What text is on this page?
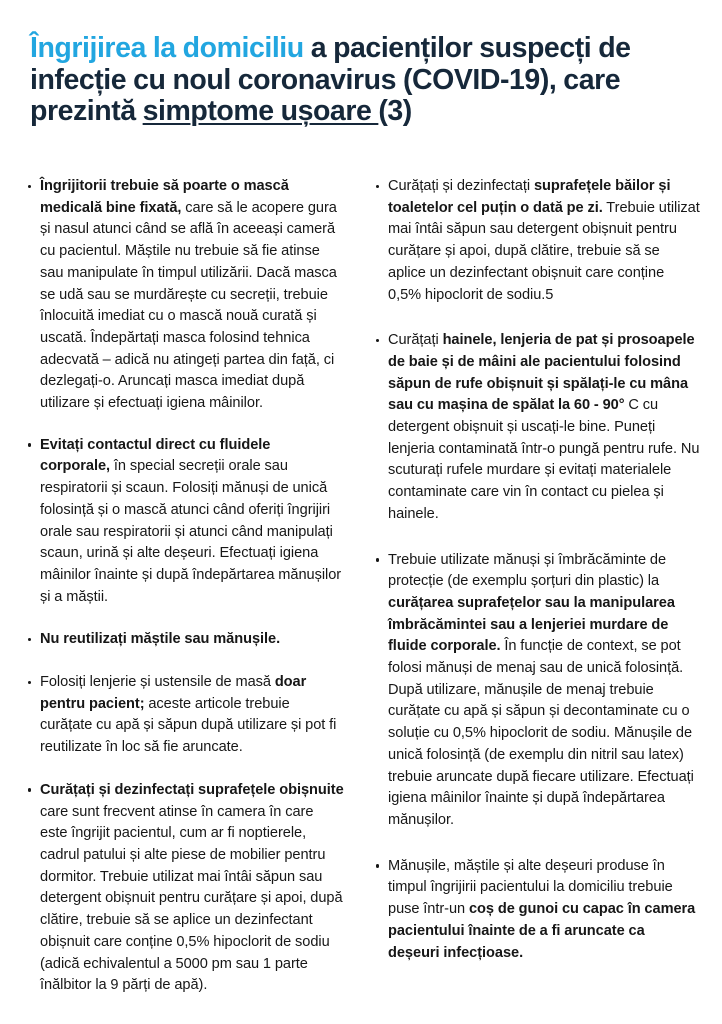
Îngrijirea la domiciliu a pacienților suspecți de infecție cu noul coronavirus (COVID-19), care prezintă simptome ușoare (3)
Îngrijitorii trebuie să poarte o mască medicală bine fixată, care să le acopere gura și nasul atunci când se află în aceeași cameră cu pacientul. Măștile nu trebuie să fie atinse sau manipulate în timpul utilizării. Dacă masca se udă sau se murdărește cu secreții, trebuie înlocuită imediat cu o mască nouă curată și uscată. Îndepărtați masca folosind tehnica adecvată – adică nu atingeți partea din față, ci dezlegați-o. Aruncați masca imediat după utilizare și efectuați igiena mâinilor.
Evitați contactul direct cu fluidele corporale, în special secreții orale sau respiratorii și scaun. Folosiți mănuși de unică folosință și o mască atunci când oferiți îngrijiri orale sau respiratorii și atunci când manipulați scaun, urină și alte deșeuri. Efectuați igiena mâinilor înainte și după îndepărtarea mănușilor și a măștii.
Nu reutilizați măștile sau mănușile.
Folosiți lenjerie și ustensile de masă doar pentru pacient; aceste articole trebuie curățate cu apă și săpun după utilizare și pot fi reutilizate în loc să fie aruncate.
Curățați și dezinfectați suprafețele obișnuite care sunt frecvent atinse în camera în care este îngrijit pacientul, cum ar fi noptierele, cadrul patului și alte piese de mobilier pentru dormitor. Trebuie utilizat mai întâi săpun sau detergent obișnuit pentru curățare și apoi, după clătire, trebuie să se aplice un dezinfectant obișnuit care conține 0,5% hipoclorit de sodiu (adică echivalentul a 5000 pm sau 1 parte înălbitor la 9 părți de apă).
Curățați și dezinfectați suprafețele băilor și toaletelor cel puțin o dată pe zi. Trebuie utilizat mai întâi săpun sau detergent obișnuit pentru curățare și apoi, după clătire, trebuie să se aplice un dezinfectant obișnuit care conține 0,5% hipoclorit de sodiu.5
Curățați hainele, lenjeria de pat și prosoapele de baie și de mâini ale pacientului folosind săpun de rufe obișnuit și spălați-le cu mâna sau cu mașina de spălat la 60 - 90° C cu detergent obișnuit și uscați-le bine. Puneți lenjeria contaminată într-o pungă pentru rufe. Nu scuturați rufele murdare și evitați materialele contaminate care vin în contact cu pielea și hainele.
Trebuie utilizate mănuși și îmbrăcăminte de protecție (de exemplu șorțuri din plastic) la curățarea suprafețelor sau la manipularea îmbrăcămintei sau a lenjeriei murdare de fluide corporale. În funcție de context, se pot folosi mănuși de menaj sau de unică folosință. După utilizare, mănușile de menaj trebuie curățate cu apă și săpun și decontaminate cu o soluție cu 0,5% hipoclorit de sodiu. Mănușile de unică folosință (de exemplu din nitril sau latex) trebuie aruncate după fiecare utilizare. Efectuați igiena mâinilor înainte și după îndepărtarea mănușilor.
Mănușile, măștile și alte deșeuri produse în timpul îngrijirii pacientului la domiciliu trebuie puse într-un coș de gunoi cu capac în camera pacientului înainte de a fi aruncate ca deșeuri infecțioase.
